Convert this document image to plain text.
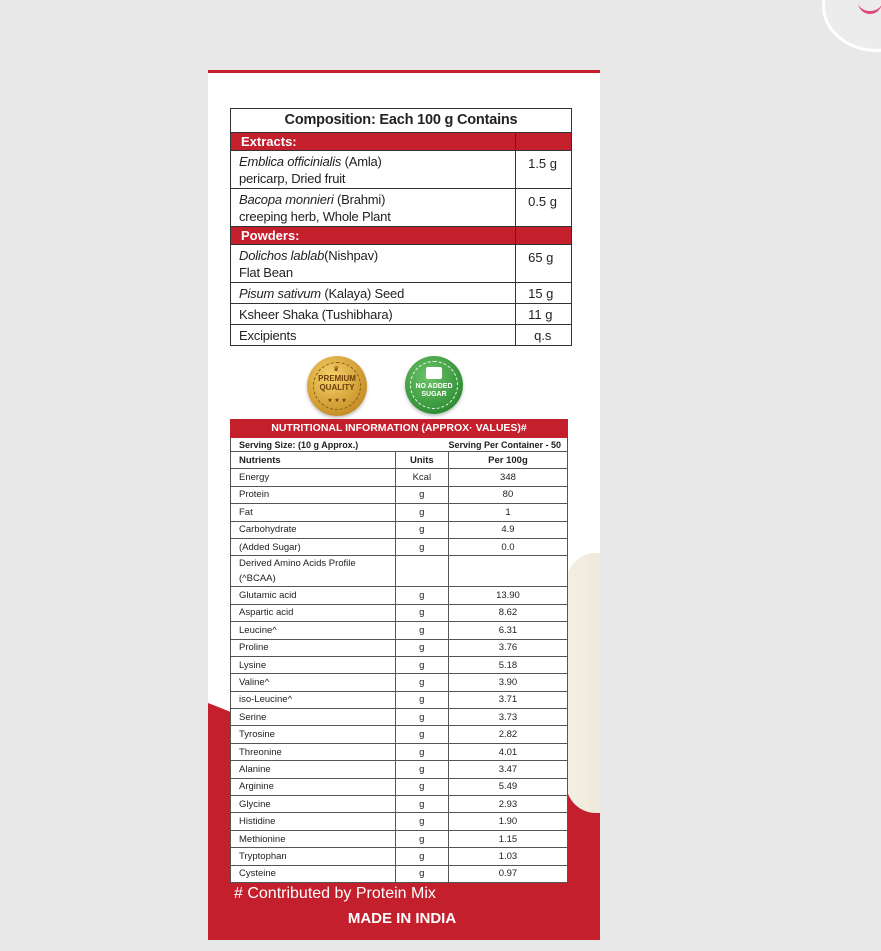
Composition: Each 100 g Contains	
Extracts:	
Emblica officinialis (Amla)
pericarp, Dried fruit	1.5 g
Bacopa monnieri (Brahmi)
creeping herb, Whole Plant	0.5 g
Powders:	
Dolichos lablab(Nishpav)
Flat Bean	65 g
Pisum sativum (Kalaya) Seed	15 g
Ksheer Shaka (Tushibhara)	11 g
Excipients	q.s
♛
PREMIUM
QUALITY
★ ★ ★
NO ADDED
SUGAR
NUTRITIONAL INFORMATION (APPROX· VALUES)#		
Serving Size: (10 g Approx.)		Serving Per Container - 50
Nutrients	Units	Per 100g
Energy	Kcal	348
Protein	g	80
Fat	g	1
Carbohydrate	g	4.9
(Added Sugar)	g	0.0
Derived Amino Acids Profile (^BCAA)		
Glutamic acid	g	13.90
Aspartic acid	g	8.62
Leucine^	g	6.31
Proline	g	3.76
Lysine	g	5.18
Valine^	g	3.90
iso-Leucine^	g	3.71
Serine	g	3.73
Tyrosine	g	2.82
Threonine	g	4.01
Alanine	g	3.47
Arginine	g	5.49
Glycine	g	2.93
Histidine	g	1.90
Methionine	g	1.15
Tryptophan	g	1.03
Cysteine	g	0.97
# Contributed by Protein Mix
MADE IN INDIA
